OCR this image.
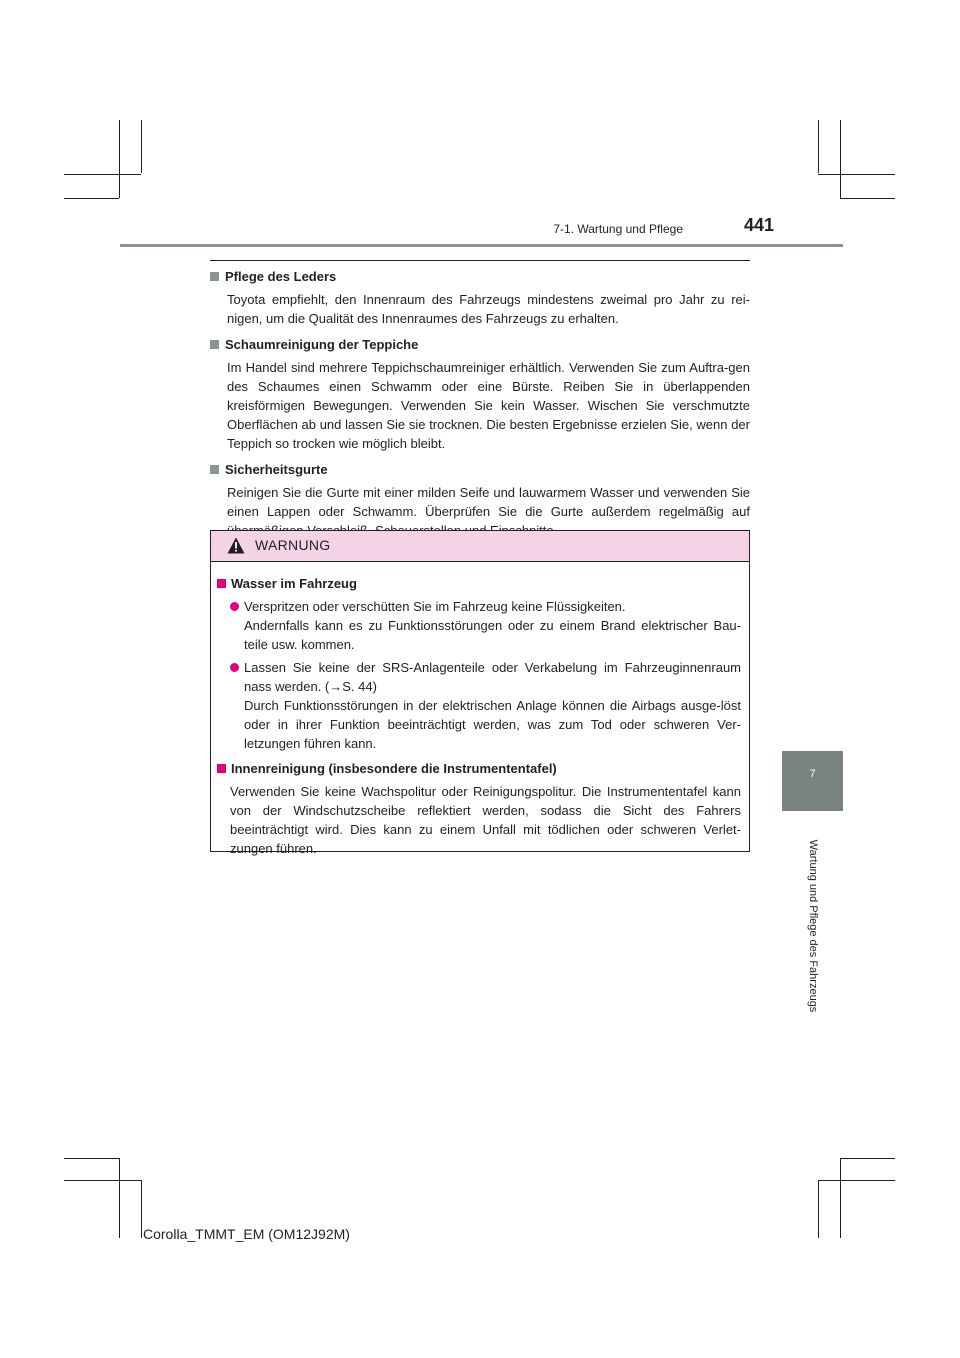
7-1. Wartung und Pflege	441
Pflege des Leders
Toyota empfiehlt, den Innenraum des Fahrzeugs mindestens zweimal pro Jahr zu rei-nigen, um die Qualität des Innenraumes des Fahrzeugs zu erhalten.
Schaumreinigung der Teppiche
Im Handel sind mehrere Teppichschaumreiniger erhältlich. Verwenden Sie zum Auftra-gen des Schaumes einen Schwamm oder eine Bürste. Reiben Sie in überlappenden kreisförmigen Bewegungen. Verwenden Sie kein Wasser. Wischen Sie verschmutzte Oberflächen ab und lassen Sie sie trocknen. Die besten Ergebnisse erzielen Sie, wenn der Teppich so trocken wie möglich bleibt.
Sicherheitsgurte
Reinigen Sie die Gurte mit einer milden Seife und lauwarmem Wasser und verwenden Sie einen Lappen oder Schwamm. Überprüfen Sie die Gurte außerdem regelmäßig auf
WARNUNG
Wasser im Fahrzeug
Verspritzen oder verschütten Sie im Fahrzeug keine Flüssigkeiten.
Andernfalls kann es zu Funktionsstörungen oder zu einem Brand elektrischer Bau-teile usw. kommen.
Lassen Sie keine der SRS-Anlagenteile oder Verkabelung im Fahrzeuginnenraum nass werden. (→S. 44)
Durch Funktionsstörungen in der elektrischen Anlage können die Airbags ausge-löst oder in ihrer Funktion beeinträchtigt werden, was zum Tod oder schweren Ver-letzungen führen kann.
Innenreinigung (insbesondere die Instrumententafel)
Verwenden Sie keine Wachspolitur oder Reinigungspolitur. Die Instrumententafel kann von der Windschutzscheibe reflektiert werden, sodass die Sicht des Fahrers beeinträchtigt wird. Dies kann zu einem Unfall mit tödlichen oder schweren Verlet-zungen führen.
7
Wartung und Pflege des Fahrzeugs
Corolla_TMMT_EM (OM12J92M)
